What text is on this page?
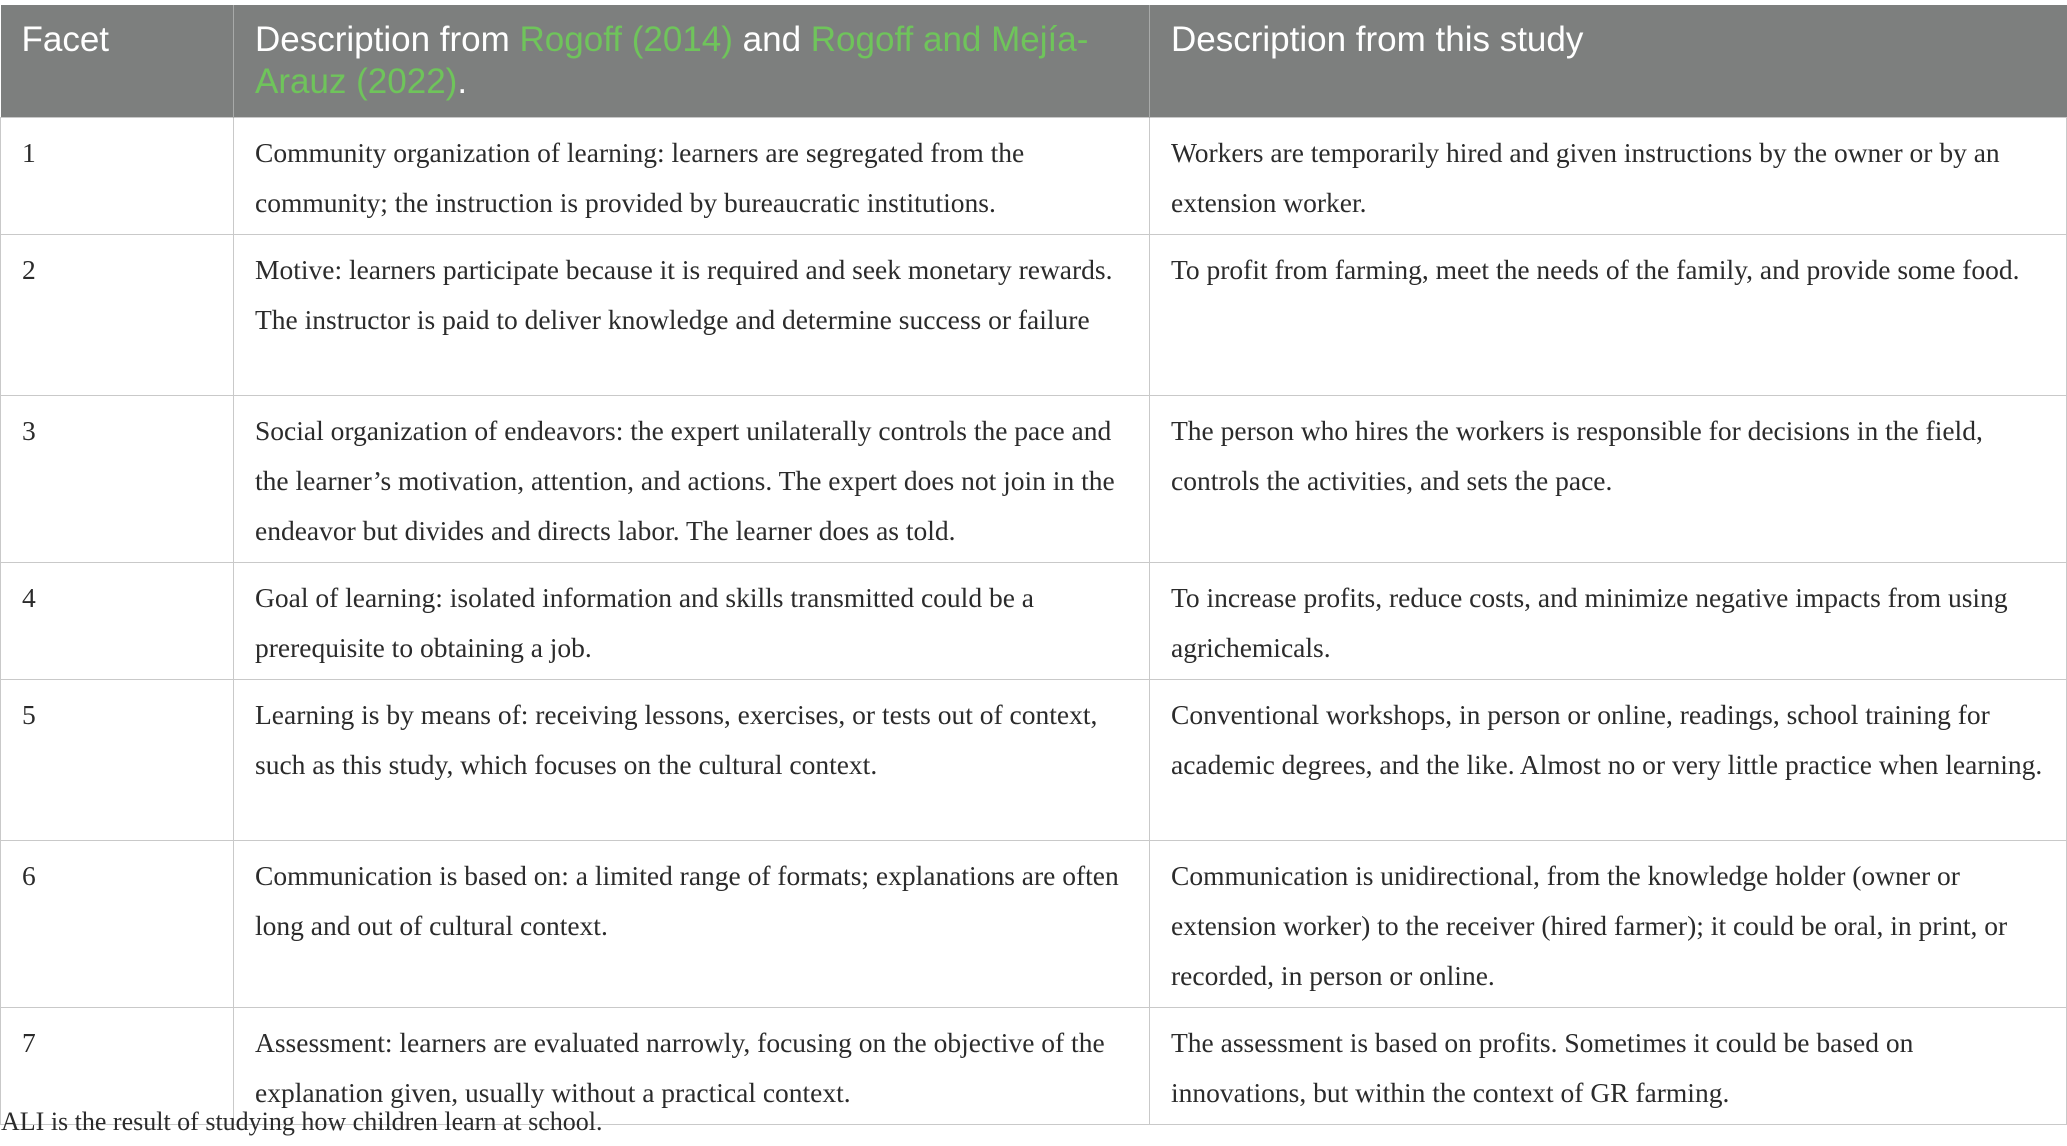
Facet	Description from Rogoff (2014) and Rogoff and Mejía-Arauz (2022).	Description from this study
1	Community organization of learning: learners are segregated from the community; the instruction is provided by bureaucratic institutions.	Workers are temporarily hired and given instructions by the owner or by an extension worker.
2	Motive: learners participate because it is required and seek monetary rewards. The instructor is paid to deliver knowledge and determine success or failure	To profit from farming, meet the needs of the family, and provide some food.
3	Social organization of endeavors: the expert unilaterally controls the pace and the learner’s motivation, attention, and actions. The expert does not join in the endeavor but divides and directs labor. The learner does as told.	The person who hires the workers is responsible for decisions in the field, controls the activities, and sets the pace.
4	Goal of learning: isolated information and skills transmitted could be a prerequisite to obtaining a job.	To increase profits, reduce costs, and minimize negative impacts from using agrichemicals.
5	Learning is by means of: receiving lessons, exercises, or tests out of context, such as this study, which focuses on the cultural context.	Conventional workshops, in person or online, readings, school training for academic degrees, and the like. Almost no or very little practice when learning.
6	Communication is based on: a limited range of formats; explanations are often long and out of cultural context.	Communication is unidirectional, from the knowledge holder (owner or extension worker) to the receiver (hired farmer); it could be oral, in print, or recorded, in person or online.
7	Assessment: learners are evaluated narrowly, focusing on the objective of the explanation given, usually without a practical context.	The assessment is based on profits. Sometimes it could be based on innovations, but within the context of GR farming.
ALI is the result of studying how children learn at school.
